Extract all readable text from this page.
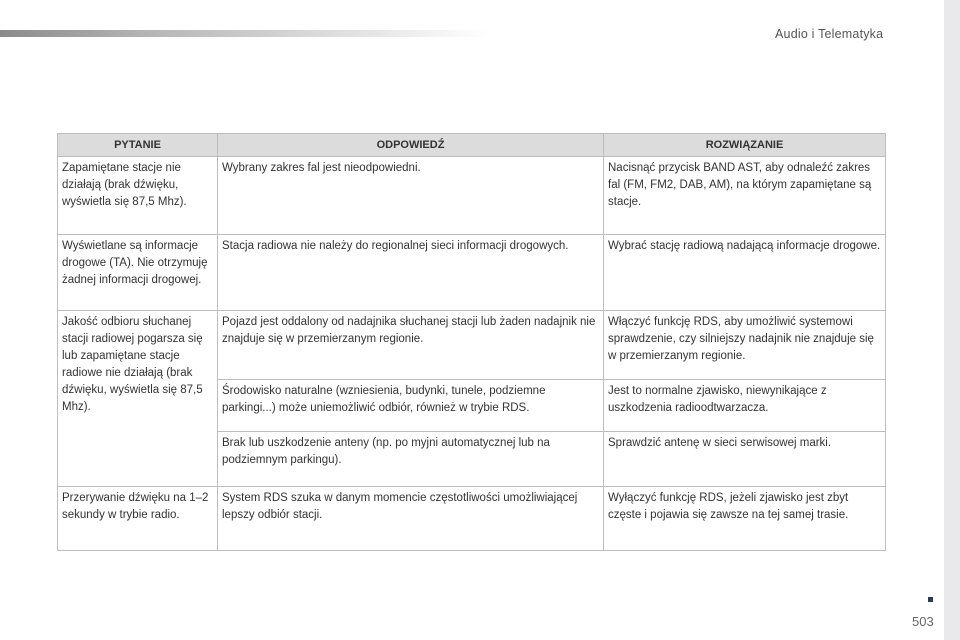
Audio i Telematyka
PYTANIE	ODPOWIEDŹ	ROZWIĄZANIE
Zapamiętane stacje nie działają (brak dźwięku, wyświetla się 87,5 Mhz).	Wybrany zakres fal jest nieodpowiedni.	Nacisnąć przycisk BAND AST, aby odnaleźć zakres fal (FM, FM2, DAB, AM), na którym zapamiętane są stacje.
Wyświetlane są informacje drogowe (TA). Nie otrzymuję żadnej informacji drogowej.	Stacja radiowa nie należy do regionalnej sieci informacji drogowych.	Wybrać stację radiową nadającą informacje drogowe.
Jakość odbioru słuchanej stacji radiowej pogarsza się lub zapamiętane stacje radiowe nie działają (brak dźwięku, wyświetla się 87,5 Mhz).	Pojazd jest oddalony od nadajnika słuchanej stacji lub żaden nadajnik nie znajduje się w przemierzanym regionie.	Włączyć funkcję RDS, aby umożliwić systemowi sprawdzenie, czy silniejszy nadajnik nie znajduje się w przemierzanym regionie.
	Środowisko naturalne (wzniesienia, budynki, tunele, podziemne parkingi...) może uniemożliwić odbiór, również w trybie RDS.	Jest to normalne zjawisko, niewynikające z uszkodzenia radioodtwarzacza.
	Brak lub uszkodzenie anteny (np. po myjni automatycznej lub na podziemnym parkingu).	Sprawdzić antenę w sieci serwisowej marki.
Przerywanie dźwięku na 1–2 sekundy w trybie radio.	System RDS szuka w danym momencie częstotliwości umożliwiającej lepszy odbiór stacji.	Wyłączyć funkcję RDS, jeżeli zjawisko jest zbyt częste i pojawia się zawsze na tej samej trasie.
503
